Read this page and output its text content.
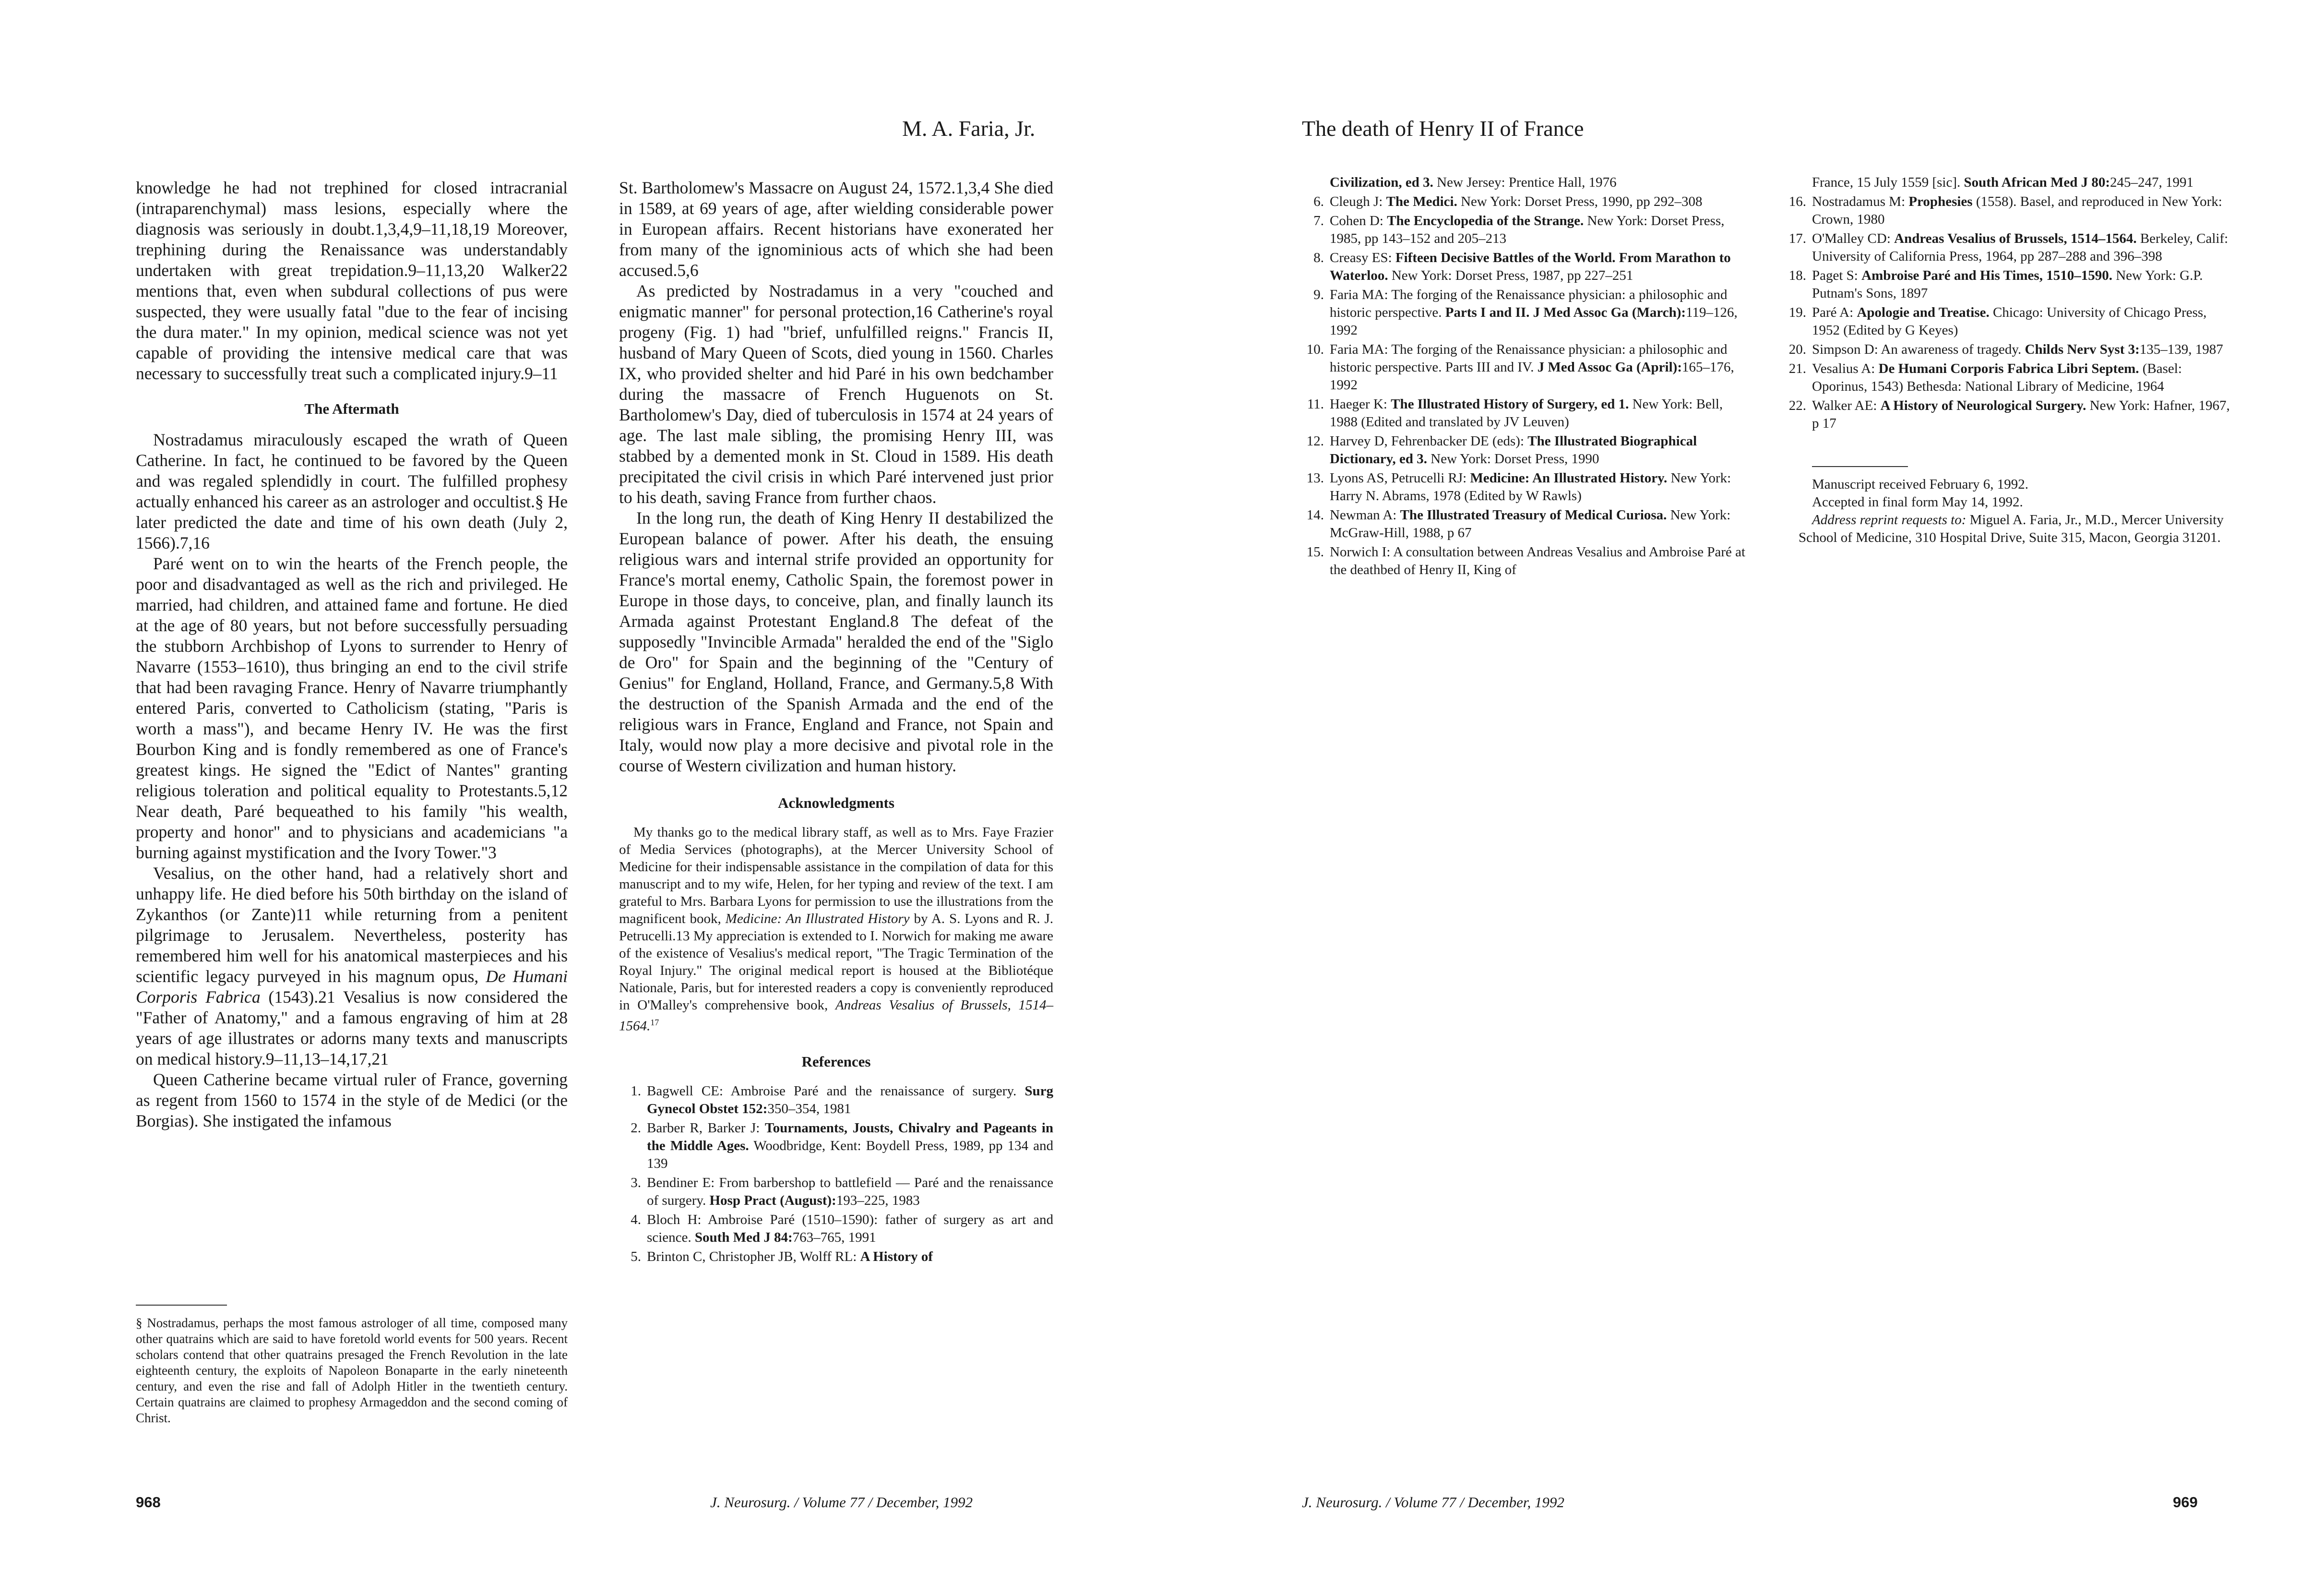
M. A. Faria, Jr.

knowledge he had not trephined for closed intracranial (intraparenchymal) mass lesions, especially where the diagnosis was seriously in doubt.1,3,4,9–11,18,19 Moreover, trephining during the Renaissance was understandably undertaken with great trepidation.9–11,13,20 Walker22 mentions that, even when subdural collections of pus were suspected, they were usually fatal "due to the fear of incising the dura mater." In my opinion, medical science was not yet capable of providing the intensive medical care that was necessary to successfully treat such a complicated injury.9–11

The Aftermath

Nostradamus miraculously escaped the wrath of Queen Catherine. In fact, he continued to be favored by the Queen and was regaled splendidly in court. The fulfilled prophesy actually enhanced his career as an astrologer and occultist.§ He later predicted the date and time of his own death (July 2, 1566).7,16

Paré went on to win the hearts of the French people, the poor and disadvantaged as well as the rich and privileged. He married, had children, and attained fame and fortune. He died at the age of 80 years, but not before successfully persuading the stubborn Archbishop of Lyons to surrender to Henry of Navarre (1553–1610), thus bringing an end to the civil strife that had been ravaging France. Henry of Navarre triumphantly entered Paris, converted to Catholicism (stating, "Paris is worth a mass"), and became Henry IV. He was the first Bourbon King and is fondly remembered as one of France's greatest kings. He signed the "Edict of Nantes" granting religious toleration and political equality to Protestants.5,12 Near death, Paré bequeathed to his family "his wealth, property and honor" and to physicians and academicians "a burning against mystification and the Ivory Tower."3

Vesalius, on the other hand, had a relatively short and unhappy life. He died before his 50th birthday on the island of Zykanthos (or Zante)11 while returning from a penitent pilgrimage to Jerusalem. Nevertheless, posterity has remembered him well for his anatomical masterpieces and his scientific legacy purveyed in his magnum opus, De Humani Corporis Fabrica (1543).21 Vesalius is now considered the "Father of Anatomy," and a famous engraving of him at 28 years of age illustrates or adorns many texts and manuscripts on medical history.9–11,13–14,17,21

Queen Catherine became virtual ruler of France, governing as regent from 1560 to 1574 in the style of de Medici (or the Borgias). She instigated the infamous

§ Nostradamus, perhaps the most famous astrologer of all time, composed many other quatrains which are said to have foretold world events for 500 years. Recent scholars contend that other quatrains presaged the French Revolution in the late eighteenth century, the exploits of Napoleon Bonaparte in the early nineteenth century, and even the rise and fall of Adolph Hitler in the twentieth century. Certain quatrains are claimed to prophesy Armageddon and the second coming of Christ.

St. Bartholomew's Massacre on August 24, 1572.1,3,4 She died in 1589, at 69 years of age, after wielding considerable power in European affairs. Recent historians have exonerated her from many of the ignominious acts of which she had been accused.5,6

As predicted by Nostradamus in a very "couched and enigmatic manner" for personal protection,16 Catherine's royal progeny (Fig. 1) had "brief, unfulfilled reigns." Francis II, husband of Mary Queen of Scots, died young in 1560. Charles IX, who provided shelter and hid Paré in his own bedchamber during the massacre of French Huguenots on St. Bartholomew's Day, died of tuberculosis in 1574 at 24 years of age. The last male sibling, the promising Henry III, was stabbed by a demented monk in St. Cloud in 1589. His death precipitated the civil crisis in which Paré intervened just prior to his death, saving France from further chaos.

In the long run, the death of King Henry II destabilized the European balance of power. After his death, the ensuing religious wars and internal strife provided an opportunity for France's mortal enemy, Catholic Spain, the foremost power in Europe in those days, to conceive, plan, and finally launch its Armada against Protestant England.8 The defeat of the supposedly "Invincible Armada" heralded the end of the "Siglo de Oro" for Spain and the beginning of the "Century of Genius" for England, Holland, France, and Germany.5,8 With the destruction of the Spanish Armada and the end of the religious wars in France, England and France, not Spain and Italy, would now play a more decisive and pivotal role in the course of Western civilization and human history.

Acknowledgments

My thanks go to the medical library staff, as well as to Mrs. Faye Frazier of Media Services (photographs), at the Mercer University School of Medicine for their indispensable assistance in the compilation of data for this manuscript and to my wife, Helen, for her typing and review of the text. I am grateful to Mrs. Barbara Lyons for permission to use the illustrations from the magnificent book, Medicine: An Illustrated History by A. S. Lyons and R. J. Petrucelli.13 My appreciation is extended to I. Norwich for making me aware of the existence of Vesalius's medical report, "The Tragic Termination of the Royal Injury." The original medical report is housed at the Bibliotéque Nationale, Paris, but for interested readers a copy is conveniently reproduced in O'Malley's comprehensive book, Andreas Vesalius of Brussels, 1514–1564.17

References
1. Bagwell CE: Ambroise Paré and the renaissance of surgery. Surg Gynecol Obstet 152:350–354, 1981
2. Barber R, Barker J: Tournaments, Jousts, Chivalry and Pageants in the Middle Ages. Woodbridge, Kent: Boydell Press, 1989, pp 134 and 139
3. Bendiner E: From barbershop to battlefield — Paré and the renaissance of surgery. Hosp Pract (August):193–225, 1983
4. Bloch H: Ambroise Paré (1510–1590): father of surgery as art and science. South Med J 84:763–765, 1991
5. Brinton C, Christopher JB, Wolff RL: A History of
968	J. Neurosurg. / Volume 77 / December, 1992
The death of Henry II of France
Civilization, ed 3. New Jersey: Prentice Hall, 1976
6. Cleugh J: The Medici. New York: Dorset Press, 1990, pp 292–308
7. Cohen D: The Encyclopedia of the Strange. New York: Dorset Press, 1985, pp 143–152 and 205–213
8. Creasy ES: Fifteen Decisive Battles of the World. From Marathon to Waterloo. New York: Dorset Press, 1987, pp 227–251
9. Faria MA: The forging of the Renaissance physician: a philosophic and historic perspective. Parts I and II. J Med Assoc Ga (March):119–126, 1992
10. Faria MA: The forging of the Renaissance physician: a philosophic and historic perspective. Parts III and IV. J Med Assoc Ga (April):165–176, 1992
11. Haeger K: The Illustrated History of Surgery, ed 1. New York: Bell, 1988 (Edited and translated by JV Leuven)
12. Harvey D, Fehrenbacker DE (eds): The Illustrated Biographical Dictionary, ed 3. New York: Dorset Press, 1990
13. Lyons AS, Petrucelli RJ: Medicine: An Illustrated History. New York: Harry N. Abrams, 1978 (Edited by W Rawls)
14. Newman A: The Illustrated Treasury of Medical Curiosa. New York: McGraw-Hill, 1988, p 67
15. Norwich I: A consultation between Andreas Vesalius and Ambroise Paré at the deathbed of Henry II, King of
France, 15 July 1559 [sic]. South African Med J 80:245–247, 1991
16. Nostradamus M: Prophesies (1558). Basel, and reproduced in New York: Crown, 1980
17. O'Malley CD: Andreas Vesalius of Brussels, 1514–1564. Berkeley, Calif: University of California Press, 1964, pp 287–288 and 396–398
18. Paget S: Ambroise Paré and His Times, 1510–1590. New York: G.P. Putnam's Sons, 1897
19. Paré A: Apologie and Treatise. Chicago: University of Chicago Press, 1952 (Edited by G Keyes)
20. Simpson D: An awareness of tragedy. Childs Nerv Syst 3:135–139, 1987
21. Vesalius A: De Humani Corporis Fabrica Libri Septem. (Basel: Oporinus, 1543) Bethesda: National Library of Medicine, 1964
22. Walker AE: A History of Neurological Surgery. New York: Hafner, 1967, p 17

Manuscript received February 6, 1992.

Accepted in final form May 14, 1992.

Address reprint requests to: Miguel A. Faria, Jr., M.D., Mercer University School of Medicine, 310 Hospital Drive, Suite 315, Macon, Georgia 31201.

J. Neurosurg. / Volume 77 / December, 1992	969
